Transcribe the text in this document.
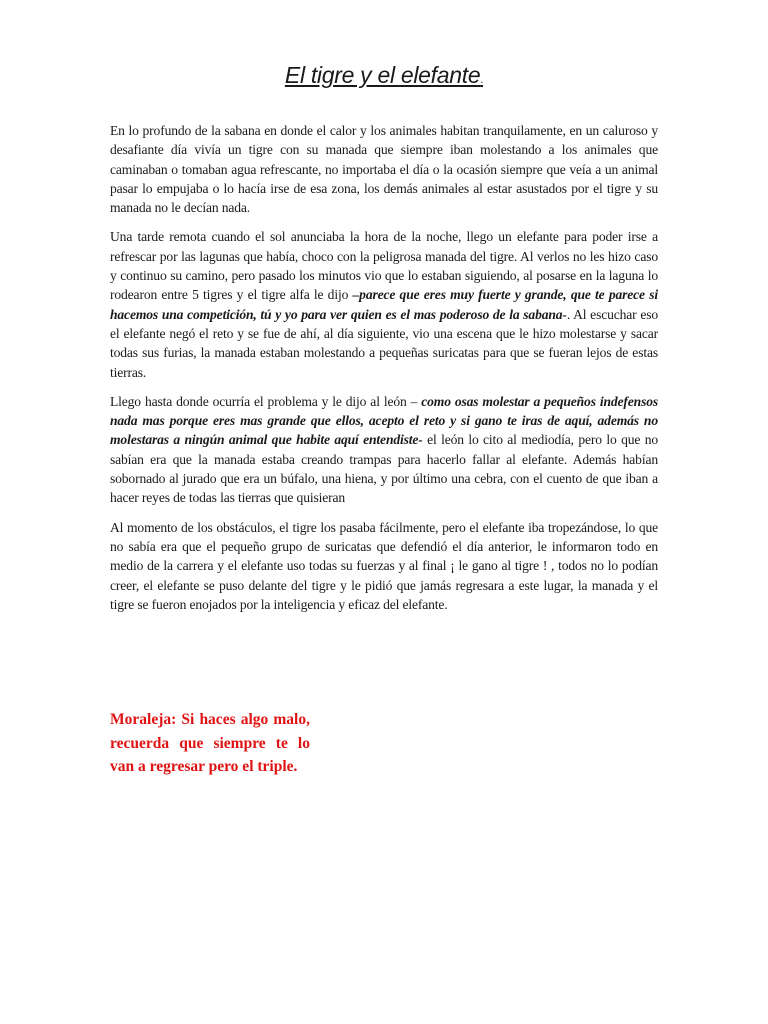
El tigre y el elefante.

En lo profundo de la sabana en donde el calor y los animales habitan tranquilamente, en un caluroso y desafiante día vivía un tigre con su manada que siempre iban molestando a los animales que caminaban o tomaban agua refrescante, no importaba el día o la ocasión siempre que veía a un animal pasar lo empujaba o lo hacía irse de esa zona, los demás animales al estar asustados por el tigre y su manada no le decían nada.

Una tarde remota cuando el sol anunciaba la hora de la noche, llego un elefante para poder irse a refrescar por las lagunas que había, choco con la peligrosa manada del tigre. Al verlos no les hizo caso y continuo su camino, pero pasado los minutos vio que lo estaban siguiendo, al posarse en la laguna lo rodearon entre 5 tigres y el tigre alfa le dijo –parece que eres muy fuerte y grande, que te parece si hacemos una competición, tú y yo para ver quien es el mas poderoso de la sabana-. Al escuchar eso el elefante negó el reto y se fue de ahí, al día siguiente, vio una escena que le hizo molestarse y sacar todas sus furias, la manada estaban molestando a pequeñas suricatas para que se fueran lejos de estas tierras.

Llego hasta donde ocurría el problema y le dijo al león – como osas molestar a pequeños indefensos nada mas porque eres mas grande que ellos, acepto el reto y si gano te iras de aquí, además no molestaras a ningún animal que habite aquí entendiste- el león lo cito al mediodía, pero lo que no sabían era que la manada estaba creando trampas para hacerlo fallar al elefante. Además habían sobornado al jurado que era un búfalo, una hiena, y por último una cebra, con el cuento de que iban a hacer reyes de todas las tierras que quisieran

Al momento de los obstáculos, el tigre los pasaba fácilmente, pero el elefante iba tropezándose, lo que no sabía era que el pequeño grupo de suricatas que defendió el día anterior, le informaron todo en medio de la carrera y el elefante uso todas su fuerzas y al final ¡ le gano al tigre ! , todos no lo podían creer, el elefante se puso delante del tigre y le pidió que jamás regresara a este lugar, la manada y el tigre se fueron enojados por la inteligencia y eficaz del elefante.

Moraleja: Si haces algo malo, recuerda que siempre te lo van a regresar pero el triple.
